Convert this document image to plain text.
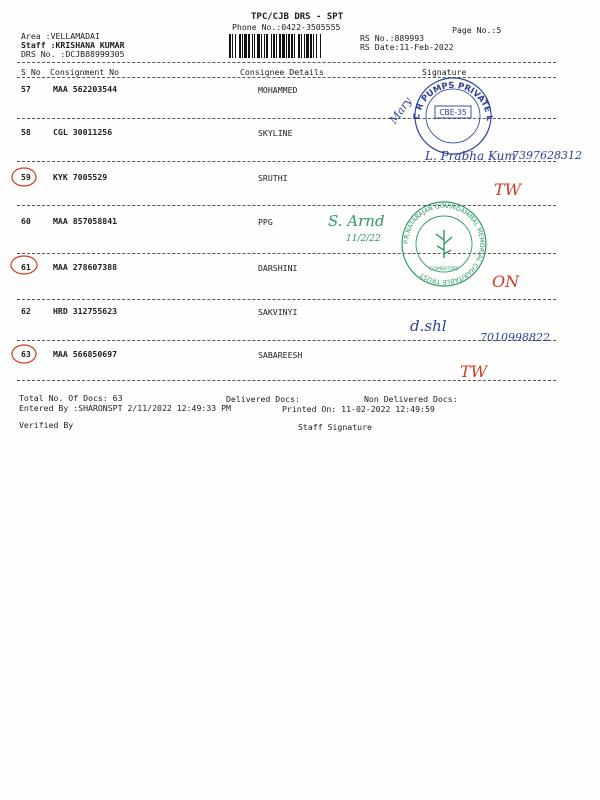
TPC/CJB DRS - SPT
Phone No.:0422-3505555	Page No.:5
Area :VELLAMADAI
Staff :KRISHANA KUMAR
DRS No. :DCJB88999305
RS No.:889993
RS Date:11-Feb-2022
S No Consignment No	Consignee Details	Signature
57	MAA 562203544	MOHAMMED
58	CGL 30011256	SKYLINE
59	KYK 7005529	SRUTHI
60	MAA 857058841	PPG
61	MAA 278607388	DARSHINI
62	HRD 312755623	SAKVINYI
63	MAA 566850697	SABAREESH
Mary
C R PUMPS PRIVATE LIMITED
CBE-35
L. Prabha Kum
7397628312
TW
S. Arnd
11/2/22	P.R.NATARAJAN GOVINDAMMAL MEMORIAL CHARITABLE TRUST
COIMBATORE
ON
d.shl
7010998822
TW
Total No. Of Docs: 63	Delivered Docs:	Non Delivered Docs:
Entered By :SHARONSPT 2/11/2022 12:49:33 PM	Printed On: 11-02-2022 12:49:59
Verified By	Staff Signature
